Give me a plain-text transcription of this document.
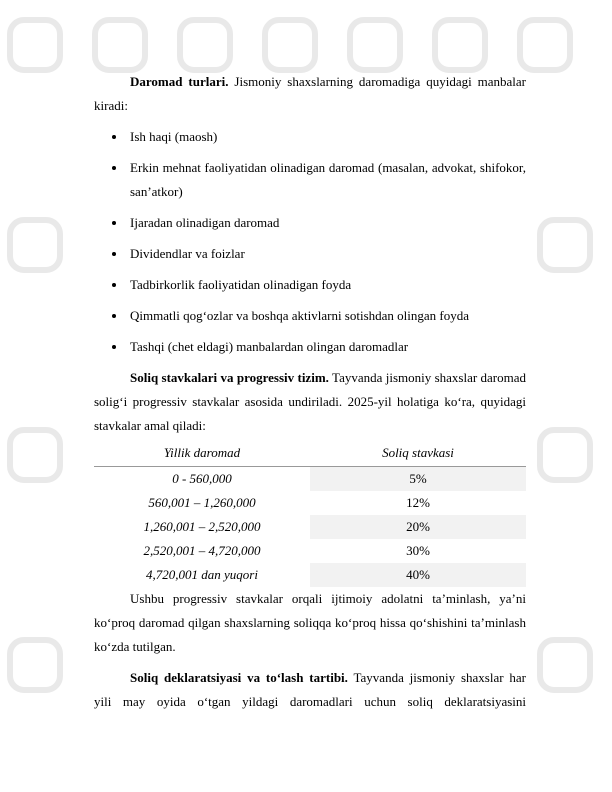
Daromad turlari. Jismoniy shaxslarning daromadiga quyidagi manbalar kiradi:

Ish haqi (maosh)
Erkin mehnat faoliyatidan olinadigan daromad (masalan, advokat, shifokor, san’atkor)
Ijaradan olinadigan daromad
Dividendlar va foizlar
Tadbirkorlik faoliyatidan olinadigan foyda
Qimmatli qog‘ozlar va boshqa aktivlarni sotishdan olingan foyda
Tashqi (chet eldagi) manbalardan olingan daromadlar

Soliq stavkalari va progressiv tizim. Tayvanda jismoniy shaxslar daromad solig‘i progressiv stavkalar asosida undiriladi. 2025-yil holatiga ko‘ra, quyidagi stavkalar amal qiladi:

Yillik daromad	Soliq stavkasi
0 - 560,000	5%
560,001 – 1,260,000	12%
1,260,001 – 2,520,000	20%
2,520,001 – 4,720,000	30%
4,720,001 dan yuqori	40%

Ushbu progressiv stavkalar orqali ijtimoiy adolatni ta’minlash, ya’ni ko‘proq daromad qilgan shaxslarning soliqqa ko‘proq hissa qo‘shishini ta’minlash ko‘zda tutilgan.

Soliq deklaratsiyasi va to‘lash tartibi. Tayvanda jismoniy shaxslar har yili may oyida o‘tgan yildagi daromadlari uchun soliq deklaratsiyasini
